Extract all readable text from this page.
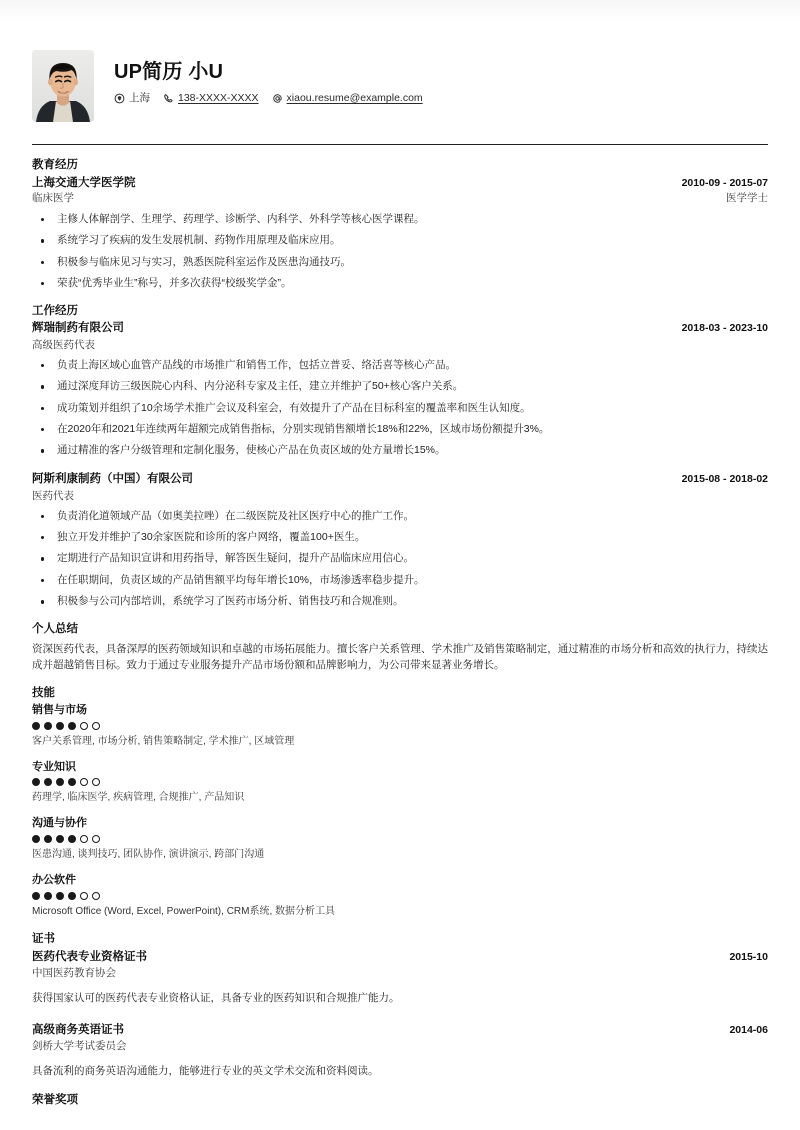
UP简历 小U
上海	138-XXXX-XXXX	xiaou.resume@example.com
教育经历
上海交通大学医学院	2010-09 - 2015-07
临床医学	医学学士
主修人体解剖学、生理学、药理学、诊断学、内科学、外科学等核心医学课程。
系统学习了疾病的发生发展机制、药物作用原理及临床应用。
积极参与临床见习与实习，熟悉医院科室运作及医患沟通技巧。
荣获“优秀毕业生”称号，并多次获得“校级奖学金”。
工作经历
辉瑞制药有限公司	2018-03 - 2023-10
高级医药代表
负责上海区域心血管产品线的市场推广和销售工作，包括立普妥、络活喜等核心产品。
通过深度拜访三级医院心内科、内分泌科专家及主任，建立并维护了50+核心客户关系。
成功策划并组织了10余场学术推广会议及科室会，有效提升了产品在目标科室的覆盖率和医生认知度。
在2020年和2021年连续两年超额完成销售指标，分别实现销售额增长18%和22%，区域市场份额提升3%。
通过精准的客户分级管理和定制化服务，使核心产品在负责区域的处方量增长15%。
阿斯利康制药（中国）有限公司	2015-08 - 2018-02
医药代表
负责消化道领域产品（如奥美拉唑）在二级医院及社区医疗中心的推广工作。
独立开发并维护了30余家医院和诊所的客户网络，覆盖100+医生。
定期进行产品知识宣讲和用药指导，解答医生疑问，提升产品临床应用信心。
在任职期间，负责区域的产品销售额平均每年增长10%，市场渗透率稳步提升。
积极参与公司内部培训，系统学习了医药市场分析、销售技巧和合规准则。
个人总结
资深医药代表，具备深厚的医药领域知识和卓越的市场拓展能力。擅长客户关系管理、学术推广及销售策略制定，通过精准的市场分析和高效的执行力，持续达成并超越销售目标。致力于通过专业服务提升产品市场份额和品牌影响力，为公司带来显著业务增长。
技能
销售与市场
客户关系管理, 市场分析, 销售策略制定, 学术推广, 区域管理
专业知识
药理学, 临床医学, 疾病管理, 合规推广, 产品知识
沟通与协作
医患沟通, 谈判技巧, 团队协作, 演讲演示, 跨部门沟通
办公软件
Microsoft Office (Word, Excel, PowerPoint), CRM系统, 数据分析工具
证书
医药代表专业资格证书	2015-10
中国医药教育协会
获得国家认可的医药代表专业资格认证，具备专业的医药知识和合规推广能力。
高级商务英语证书	2014-06
剑桥大学考试委员会
具备流利的商务英语沟通能力，能够进行专业的英文学术交流和资料阅读。
荣誉奖项
